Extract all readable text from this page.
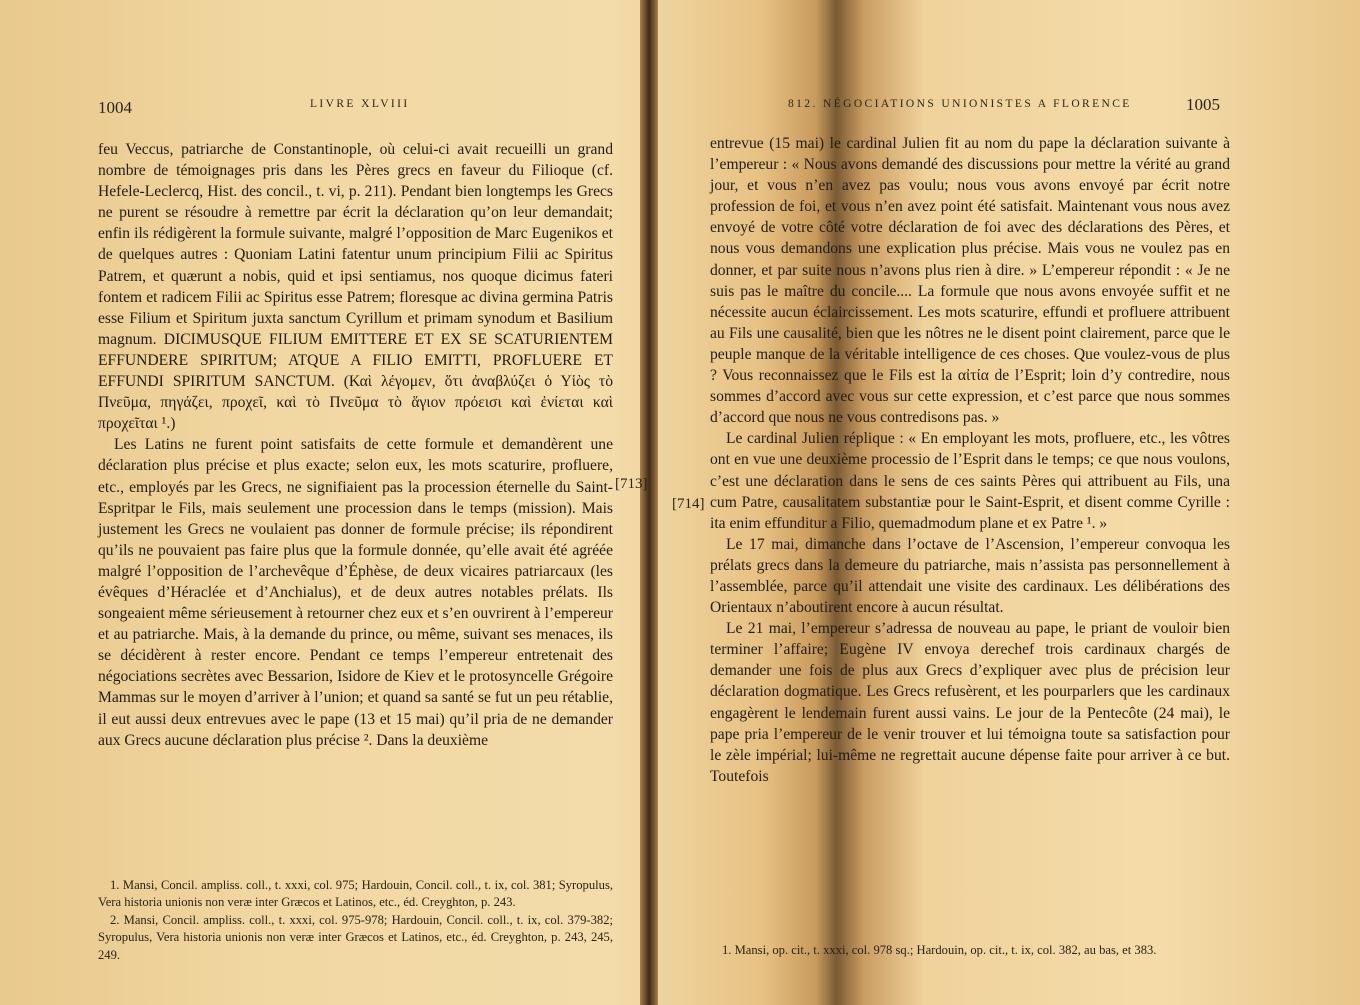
1004	LIVRE XLVIII

feu Veccus, patriarche de Constantinople, où celui-ci avait recueilli un grand nombre de témoignages pris dans les Pères grecs en faveur du Filioque (cf. Hefele-Leclercq, Hist. des concil., t. vi, p. 211). Pendant bien longtemps les Grecs ne purent se résoudre à remettre par écrit la déclaration qu’on leur demandait; enfin ils rédigèrent la formule suivante, malgré l’opposition de Marc Eugenikos et de quelques autres : Quoniam Latini fatentur unum principium Filii ac Spiritus Patrem, et quærunt a nobis, quid et ipsi sentiamus, nos quoque dicimus fateri fontem et radicem Filii ac Spiritus esse Patrem; floresque ac divina germina Patris esse Filium et Spiritum juxta sanctum Cyrillum et primam synodum et Basilium magnum. DICIMUSQUE FILIUM EMITTERE ET EX SE SCATURIENTEM EFFUNDERE SPIRITUM; ATQUE A FILIO EMITTI, PROFLUERE ET EFFUNDI SPIRITUM SANCTUM. (Καὶ λέγομεν, ὅτι ἀναβλύζει ὁ Υἱὸς τὸ Πνεῦμα, πηγάζει, προχεῖ, καὶ τὸ Πνεῦμα τὸ ἅγιον πρόεισι καὶ ἐνίεται καὶ προχεῖται ¹.)

Les Latins ne furent point satisfaits de cette formule et demandèrent une déclaration plus précise et plus exacte; selon eux, les mots scaturire, profluere, etc., employés par les Grecs, ne signifiaient pas la procession éternelle du Saint-Espritpar le Fils, mais seulement une procession dans le temps (mission). Mais justement les Grecs ne voulaient pas donner de formule précise; ils répondirent qu’ils ne pouvaient pas faire plus que la formule donnée, qu’elle avait été agréée malgré l’opposition de l’archevêque d’Éphèse, de deux vicaires patriarcaux (les évêques d’Héraclée et d’Anchialus), et de deux autres notables prélats. Ils songeaient même sérieusement à retourner chez eux et s’en ouvrirent à l’empereur et au patriarche. Mais, à la demande du prince, ou même, suivant ses menaces, ils se décidèrent à rester encore. Pendant ce temps l’empereur entretenait des négociations secrètes avec Bessarion, Isidore de Kiev et le protosyncelle Grégoire Mammas sur le moyen d’arriver à l’union; et quand sa santé se fut un peu rétablie, il eut aussi deux entrevues avec le pape (13 et 15 mai) qu’il pria de ne demander aux Grecs aucune déclaration plus précise ². Dans la deuxième

[713]

1. Mansi, Concil. ampliss. coll., t. xxxi, col. 975; Hardouin, Concil. coll., t. ix, col. 381; Syropulus, Vera historia unionis non veræ inter Græcos et Latinos, etc., éd. Creyghton, p. 243.

2. Mansi, Concil. ampliss. coll., t. xxxi, col. 975-978; Hardouin, Concil. coll., t. ix, col. 379-382; Syropulus, Vera historia unionis non veræ inter Græcos et Latinos, etc., éd. Creyghton, p. 243, 245, 249.

812. NÉGOCIATIONS UNIONISTES A FLORENCE	1005

entrevue (15 mai) le cardinal Julien fit au nom du pape la déclaration suivante à l’empereur : « Nous avons demandé des discussions pour mettre la vérité au grand jour, et vous n’en avez pas voulu; nous vous avons envoyé par écrit notre profession de foi, et vous n’en avez point été satisfait. Maintenant vous nous avez envoyé de votre côté votre déclaration de foi avec des déclarations des Pères, et nous vous demandons une explication plus précise. Mais vous ne voulez pas en donner, et par suite nous n’avons plus rien à dire. » L’empereur répondit : « Je ne suis pas le maître du concile.... La formule que nous avons envoyée suffit et ne nécessite aucun éclaircissement. Les mots scaturire, effundi et profluere attribuent au Fils une causalité, bien que les nôtres ne le disent point clairement, parce que le peuple manque de la véritable intelligence de ces choses. Que voulez-vous de plus ? Vous reconnaissez que le Fils est la αἰτία de l’Esprit; loin d’y contredire, nous sommes d’accord avec vous sur cette expression, et c’est parce que nous sommes d’accord que nous ne vous contredisons pas. »

Le cardinal Julien réplique : « En employant les mots, profluere, etc., les vôtres ont en vue une deuxième processio de l’Esprit dans le temps; ce que nous voulons, c’est une déclaration dans le sens de ces saints Pères qui attribuent au Fils, una cum Patre, causalitatem substantiæ pour le Saint-Esprit, et disent comme Cyrille : ita enim effunditur a Filio, quemadmodum plane et ex Patre ¹. »

Le 17 mai, dimanche dans l’octave de l’Ascension, l’empereur convoqua les prélats grecs dans la demeure du patriarche, mais n’assista pas personnellement à l’assemblée, parce qu’il attendait une visite des cardinaux. Les délibérations des Orientaux n’aboutirent encore à aucun résultat.

Le 21 mai, l’empereur s’adressa de nouveau au pape, le priant de vouloir bien terminer l’affaire; Eugène IV envoya derechef trois cardinaux chargés de demander une fois de plus aux Grecs d’expliquer avec plus de précision leur déclaration dogmatique. Les Grecs refusèrent, et les pourparlers que les cardinaux engagèrent le lendemain furent aussi vains. Le jour de la Pentecôte (24 mai), le pape pria l’empereur de le venir trouver et lui témoigna toute sa satisfaction pour le zèle impérial; lui-même ne regrettait aucune dépense faite pour arriver à ce but. Toutefois

[714]

1. Mansi, op. cit., t. xxxi, col. 978 sq.; Hardouin, op. cit., t. ix, col. 382, au bas, et 383.
